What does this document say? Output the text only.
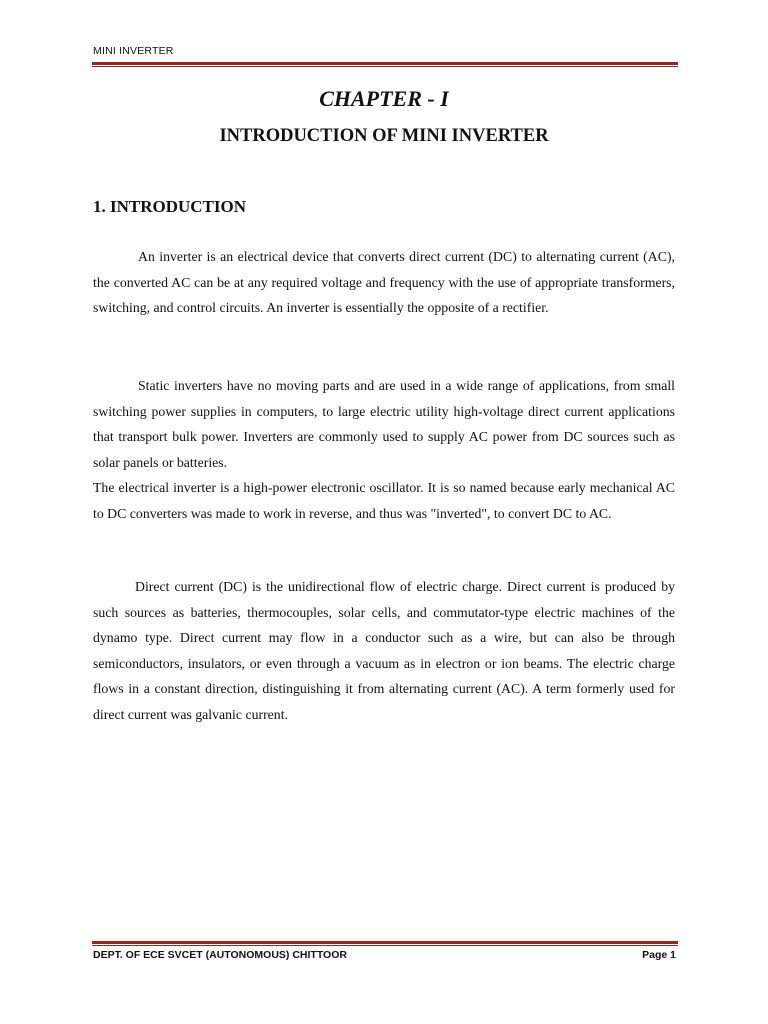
MINI INVERTER
CHAPTER - I
INTRODUCTION OF MINI INVERTER
1. INTRODUCTION

An inverter is an electrical device that converts direct current (DC) to alternating current (AC), the converted AC can be at any required voltage and frequency with the use of appropriate transformers, switching, and control circuits. An inverter is essentially the opposite of a rectifier.

Static inverters have no moving parts and are used in a wide range of applications, from small switching power supplies in computers, to large electric utility high-voltage direct current applications that transport bulk power. Inverters are commonly used to supply AC power from DC sources such as solar panels or batteries.

The electrical inverter is a high-power electronic oscillator. It is so named because early mechanical AC to DC converters was made to work in reverse, and thus was "inverted", to convert DC to AC.

Direct current (DC) is the unidirectional flow of electric charge. Direct current is produced by such sources as batteries, thermocouples, solar cells, and commutator-type electric machines of the dynamo type. Direct current may flow in a conductor such as a wire, but can also be through semiconductors, insulators, or even through a vacuum as in electron or ion beams. The electric charge flows in a constant direction, distinguishing it from alternating current (AC). A term formerly used for direct current was galvanic current.

DEPT. OF ECE SVCET (AUTONOMOUS) CHITTOOR	Page 1
